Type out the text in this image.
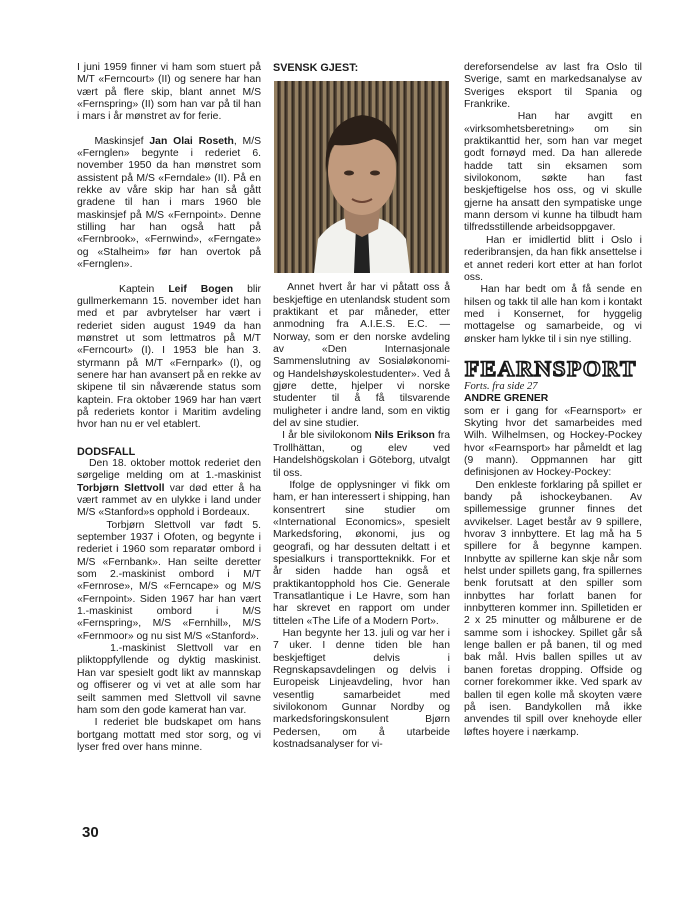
I juni 1959 finner vi ham som stuert på M/T «Ferncourt» (II) og senere har han vært på flere skip, blant annet M/S «Fernspring» (II) som han var på til han i mars i år mønstret av for ferie.

Maskinsjef Jan Olai Roseth, M/S «Fernglen» begynte i rederiet 6. november 1950 da han mønstret som assistent på M/S «Ferndale» (II). På en rekke av våre skip har han så gått gradene til han i mars 1960 ble maskinsjef på M/S «Fernpoint». Denne stilling har han også hatt på «Fernbrook», «Fernwind», «Ferngate» og «Stalheim» før han overtok på «Fernglen».

Kaptein Leif Bogen blir gullmerkemann 15. november idet han med et par avbrytelser har vært i rederiet siden august 1949 da han mønstret ut som lettmatros på M/T «Ferncourt» (I). I 1953 ble han 3. styrmann på M/T «Fernpark» (I), og senere har han avansert på en rekke av skipene til sin nåværende status som kaptein. Fra oktober 1969 har han vært på rederiets kontor i Maritim avdeling hvor han nu er vel etablert.

DODSFALL

Den 18. oktober mottok rederiet den sørgelige melding om at 1.-maskinist Torbjørn Slettvoll var død etter å ha vært rammet av en ulykke i land under M/S «Stanford»s opphold i Bordeaux.

Torbjørn Slettvoll var født 5. september 1937 i Ofoten, og begynte i rederiet i 1960 som reparatør ombord i M/S «Fernbank». Han seilte deretter som 2.-maskinist ombord i M/T «Fernrose», M/S «Ferncape» og M/S «Fernpoint». Siden 1967 har han vært 1.-maskinist ombord i M/S «Fernspring», M/S «Fernhill», M/S «Fernmoor» og nu sist M/S «Stanford».

1.-maskinist Slettvoll var en pliktoppfyllende og dyktig maskinist. Han var spesielt godt likt av mannskap og offiserer og vi vet at alle som har seilt sammen med Slettvoll vil savne ham som den gode kamerat han var.

I rederiet ble budskapet om hans bortgang mottatt med stor sorg, og vi lyser fred over hans minne.

SVENSK GJEST:

Annet hvert år har vi påtatt oss å beskjeftige en utenlandsk student som praktikant et par måneder, etter anmodning fra A.I.E.S. E.C. — Norway, som er den norske avdeling av «Den Internasjonale Sammenslutning av Sosialøkonomi- og Handelshøyskolestudenter». Ved å gjøre dette, hjelper vi norske studenter til å få tilsvarende muligheter i andre land, som en viktig del av sine studier.

I år ble sivilokonom Nils Erikson fra Trollhättan, og elev ved Handelshögskolan i Göteborg, utvalgt til oss.

Ifolge de opplysninger vi fikk om ham, er han interessert i shipping, han konsentrert sine studier om «International Economics», spesielt Markedsforing, økonomi, jus og geografi, og har dessuten deltatt i et spesialkurs i transportteknikk. For et år siden hadde han også et praktikantopphold hos Cie. Generale Transatlantique i Le Havre, som han har skrevet en rapport om under tittelen «The Life of a Modern Port».

Han begynte her 13. juli og var her i 7 uker. I denne tiden ble han beskjeftiget delvis i Regnskapsavdelingen og delvis i Europeisk Linjeavdeling, hvor han vesentlig samarbeidet med sivilokonom Gunnar Nordby og markedsforingskonsulent Bjørn Pedersen, om å utarbeide kostnadsanalyser for vi-

dereforsendelse av last fra Oslo til Sverige, samt en markedsanalyse av Sveriges eksport til Spania og Frankrike.

Han har avgitt en «virksomhetsberetning» om sin praktikanttid her, som han var meget godt fornøyd med. Da han allerede hadde tatt sin eksamen som sivilokonom, søkte han fast beskjeftigelse hos oss, og vi skulle gjerne ha ansatt den sympatiske unge mann dersom vi kunne ha tilbudt ham tilfredsstillende arbeidsoppgaver.

Han er imidlertid blitt i Oslo i rederibransjen, da han fikk ansettelse i et annet rederi kort etter at han forlot oss.

Han har bedt om å få sende en hilsen og takk til alle han kom i kontakt med i Konsernet, for hyggelig mottagelse og samarbeide, og vi ønsker ham lykke til i sin nye stilling.

FEARNSPORT

Forts. fra side 27

ANDRE GRENER

som er i gang for «Fearnsport» er Skyting hvor det samarbeides med Wilh. Wilhelmsen, og Hockey-Pockey hvor «Fearnsport» har påmeldt et lag (9 mann). Oppmannen har gitt definisjonen av Hockey-Pockey:

Den enkleste forklaring på spillet er bandy på ishockeybanen. Av spillemessige grunner finnes det avvikelser. Laget består av 9 spillere, hvorav 3 innbyttere. Et lag må ha 5 spillere for å begynne kampen. Innbytte av spillerne kan skje når som helst under spillets gang, fra spillernes benk forutsatt at den spiller som innbyttes har forlatt banen for innbytteren kommer inn. Spilletiden er 2 x 25 minutter og målburene er de samme som i ishockey. Spillet går så lenge ballen er på banen, til og med bak mål. Hvis ballen spilles ut av banen foretas dropping. Offside og corner forekommer ikke. Ved spark av ballen til egen kolle må skoyten være på isen. Bandykollen må ikke anvendes til spill over knehoyde eller løftes hoyere i nærkamp.

30
